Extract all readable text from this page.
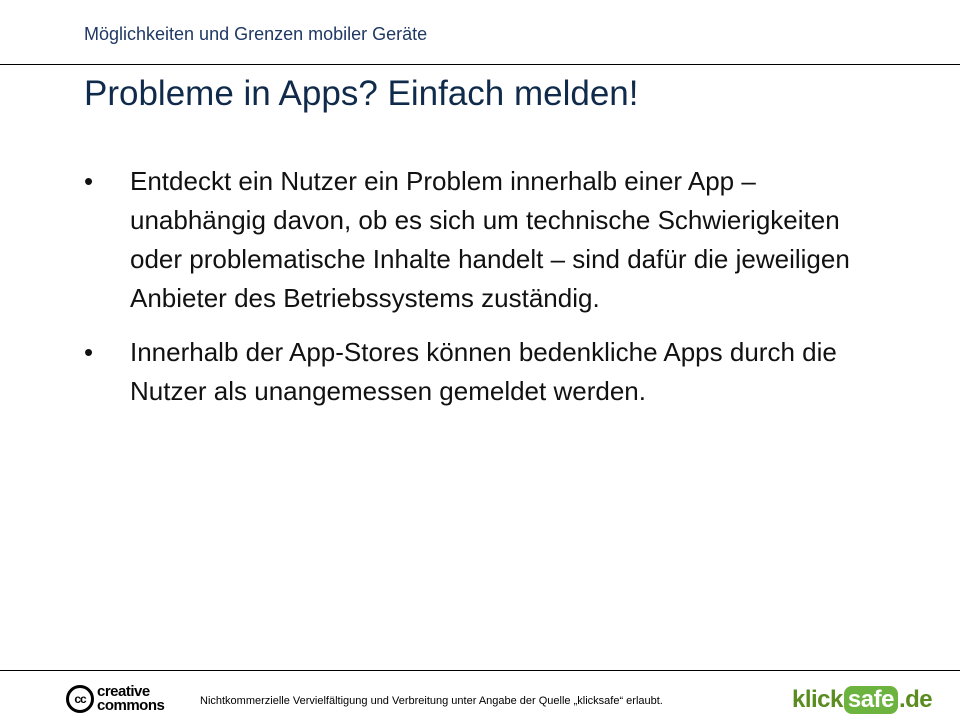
Möglichkeiten und Grenzen mobiler Geräte
Probleme in Apps? Einfach melden!
•	Entdeckt ein Nutzer ein Problem innerhalb einer App – unabhängig davon, ob es sich um technische Schwierigkeiten oder problematische Inhalte handelt – sind dafür die jeweiligen Anbieter des Betriebssystems zuständig.
•	Innerhalb der App-Stores können bedenkliche Apps durch die Nutzer als unangemessen gemeldet werden.
cc creative
commons	Nichtkommerzielle Vervielfältigung und Verbreitung unter Angabe der Quelle „klicksafe“ erlaubt.	klick safe .de
